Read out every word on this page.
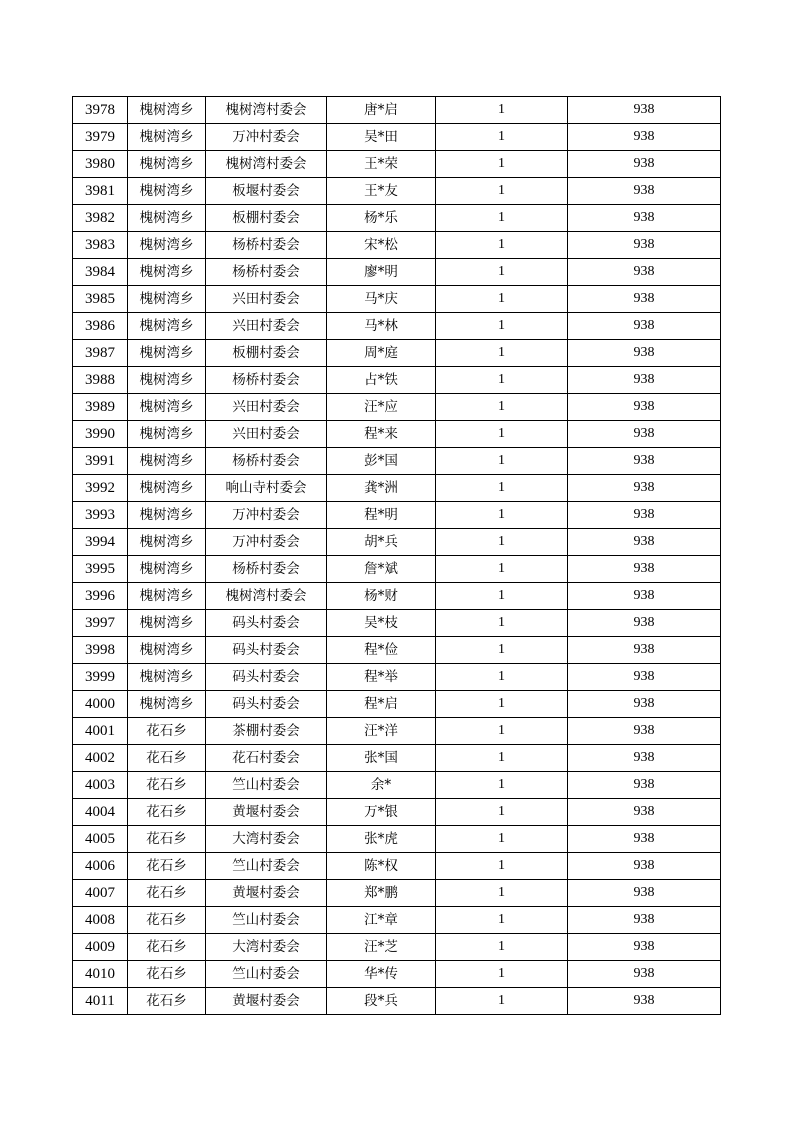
3978	槐树湾乡	槐树湾村委会	唐*启	1	938
3979	槐树湾乡	万冲村委会	吴*田	1	938
3980	槐树湾乡	槐树湾村委会	王*荣	1	938
3981	槐树湾乡	板堰村委会	王*友	1	938
3982	槐树湾乡	板棚村委会	杨*乐	1	938
3983	槐树湾乡	杨桥村委会	宋*松	1	938
3984	槐树湾乡	杨桥村委会	廖*明	1	938
3985	槐树湾乡	兴田村委会	马*庆	1	938
3986	槐树湾乡	兴田村委会	马*林	1	938
3987	槐树湾乡	板棚村委会	周*庭	1	938
3988	槐树湾乡	杨桥村委会	占*铁	1	938
3989	槐树湾乡	兴田村委会	汪*应	1	938
3990	槐树湾乡	兴田村委会	程*来	1	938
3991	槐树湾乡	杨桥村委会	彭*国	1	938
3992	槐树湾乡	响山寺村委会	龚*洲	1	938
3993	槐树湾乡	万冲村委会	程*明	1	938
3994	槐树湾乡	万冲村委会	胡*兵	1	938
3995	槐树湾乡	杨桥村委会	詹*斌	1	938
3996	槐树湾乡	槐树湾村委会	杨*财	1	938
3997	槐树湾乡	码头村委会	吴*枝	1	938
3998	槐树湾乡	码头村委会	程*俭	1	938
3999	槐树湾乡	码头村委会	程*举	1	938
4000	槐树湾乡	码头村委会	程*启	1	938
4001	花石乡	茶棚村委会	汪*洋	1	938
4002	花石乡	花石村委会	张*国	1	938
4003	花石乡	竺山村委会	余*	1	938
4004	花石乡	黄堰村委会	万*银	1	938
4005	花石乡	大湾村委会	张*虎	1	938
4006	花石乡	竺山村委会	陈*权	1	938
4007	花石乡	黄堰村委会	郑*鹏	1	938
4008	花石乡	竺山村委会	江*章	1	938
4009	花石乡	大湾村委会	汪*芝	1	938
4010	花石乡	竺山村委会	华*传	1	938
4011	花石乡	黄堰村委会	段*兵	1	938
